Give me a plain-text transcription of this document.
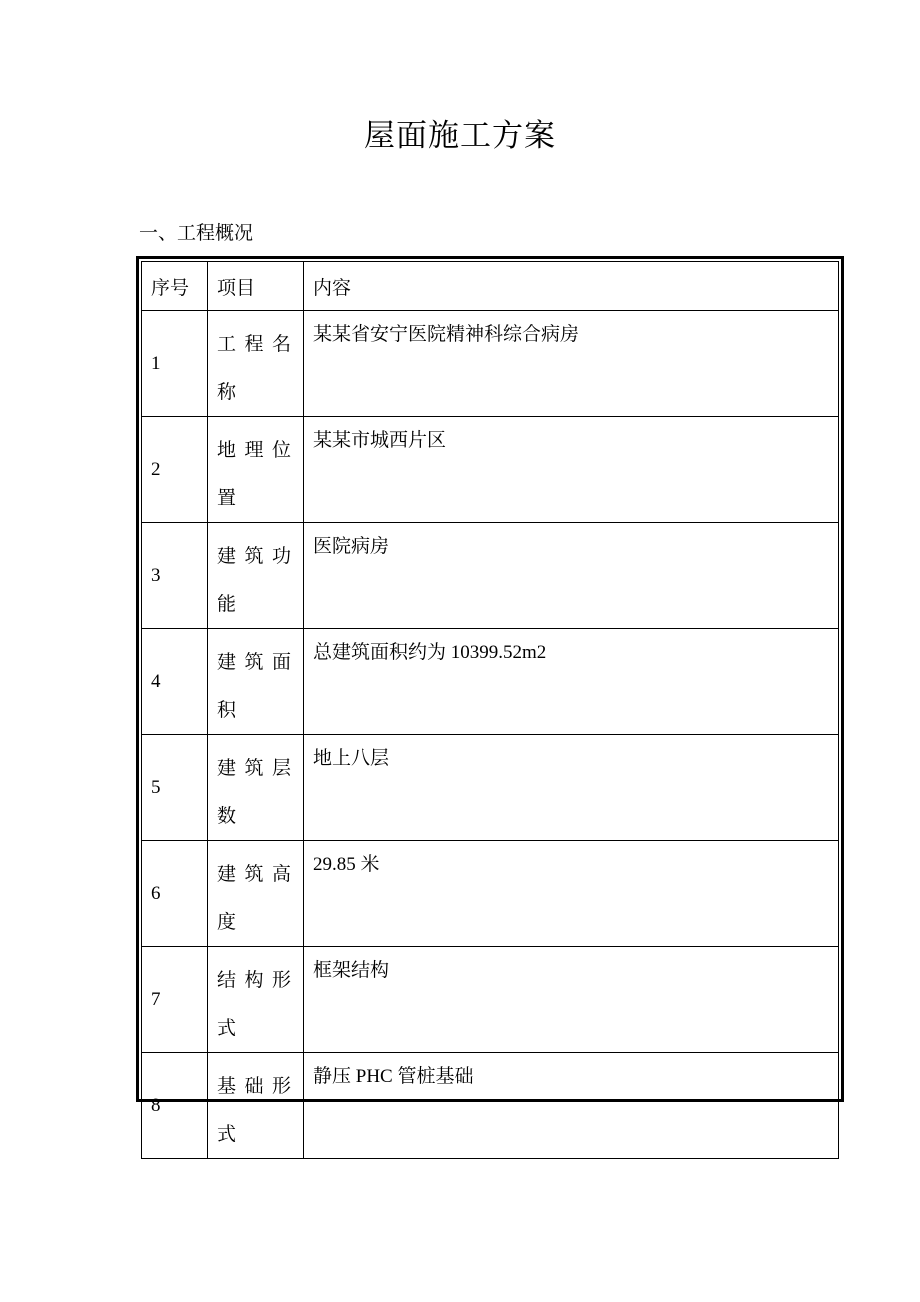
屋面施工方案
一、工程概况
序号	项目	内容
1	工程名称	某某省安宁医院精神科综合病房

2	地理位置	某某市城西片区

3	建筑功能	医院病房

4	建筑面积	总建筑面积约为 10399.52m2

5	建筑层数	地上八层

6	建筑高度	29.85 米

7	结构形式	框架结构

8	基础形式	静压 PHC 管桩基础
